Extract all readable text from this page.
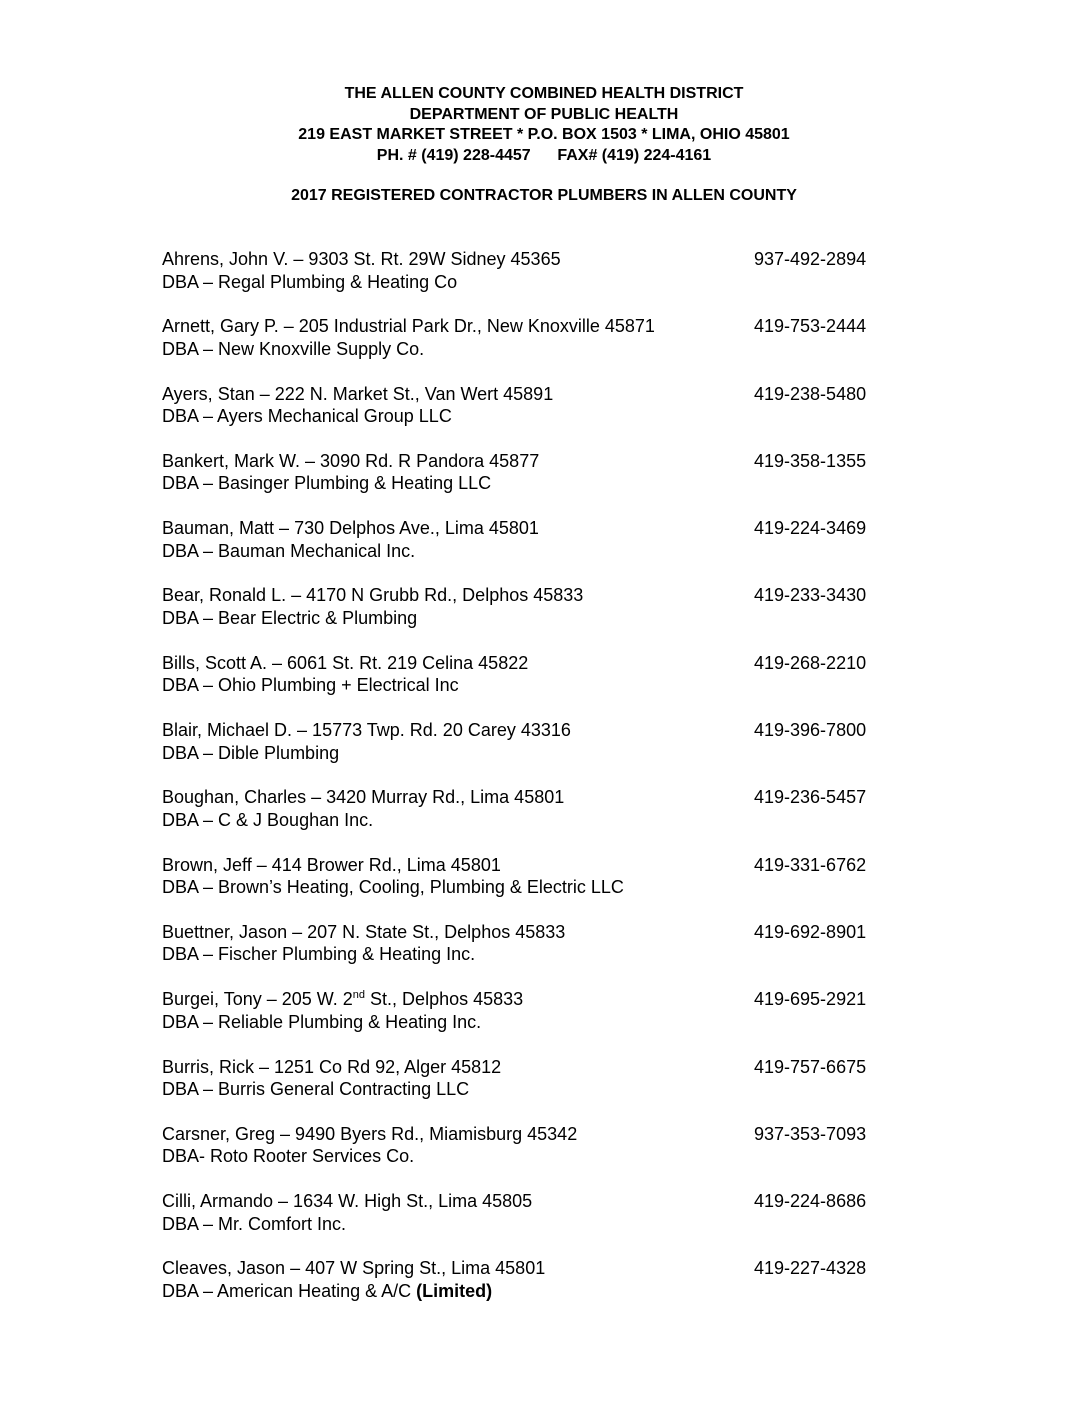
THE ALLEN COUNTY COMBINED HEALTH DISTRICT
DEPARTMENT OF PUBLIC HEALTH
219 EAST MARKET STREET * P.O. BOX 1503 * LIMA, OHIO 45801
PH. # (419) 228-4457      FAX# (419) 224-4161
2017 REGISTERED CONTRACTOR PLUMBERS IN ALLEN COUNTY
Ahrens, John V. – 9303 St. Rt. 29W Sidney 45365
DBA – Regal Plumbing & Heating Co
937-492-2894
Arnett, Gary P. – 205 Industrial Park Dr., New Knoxville 45871
DBA – New Knoxville Supply Co.
419-753-2444
Ayers, Stan – 222 N. Market St., Van Wert 45891
DBA – Ayers Mechanical Group LLC
419-238-5480
Bankert, Mark W. – 3090 Rd. R Pandora 45877
DBA – Basinger Plumbing & Heating LLC
419-358-1355
Bauman, Matt – 730 Delphos Ave., Lima 45801
DBA – Bauman Mechanical Inc.
419-224-3469
Bear, Ronald L. – 4170 N Grubb Rd., Delphos 45833
DBA – Bear Electric & Plumbing
419-233-3430
Bills, Scott A. – 6061 St. Rt. 219 Celina 45822
DBA – Ohio Plumbing + Electrical Inc
419-268-2210
Blair, Michael D. – 15773 Twp. Rd. 20 Carey 43316
DBA – Dible Plumbing
419-396-7800
Boughan, Charles – 3420 Murray Rd., Lima 45801
DBA – C & J Boughan Inc.
419-236-5457
Brown, Jeff – 414 Brower Rd., Lima 45801
DBA – Brown’s Heating, Cooling, Plumbing & Electric LLC
419-331-6762
Buettner, Jason – 207 N. State St., Delphos 45833
DBA – Fischer Plumbing & Heating Inc.
419-692-8901
Burgei, Tony – 205 W. 2nd St., Delphos 45833
DBA – Reliable Plumbing & Heating Inc.
419-695-2921
Burris, Rick – 1251 Co Rd 92, Alger 45812
DBA – Burris General Contracting LLC
419-757-6675
Carsner, Greg – 9490 Byers Rd., Miamisburg 45342
DBA- Roto Rooter Services Co.
937-353-7093
Cilli, Armando – 1634 W. High St., Lima 45805
DBA – Mr. Comfort Inc.
419-224-8686
Cleaves, Jason – 407 W Spring St., Lima 45801
DBA – American Heating & A/C (Limited)
419-227-4328
